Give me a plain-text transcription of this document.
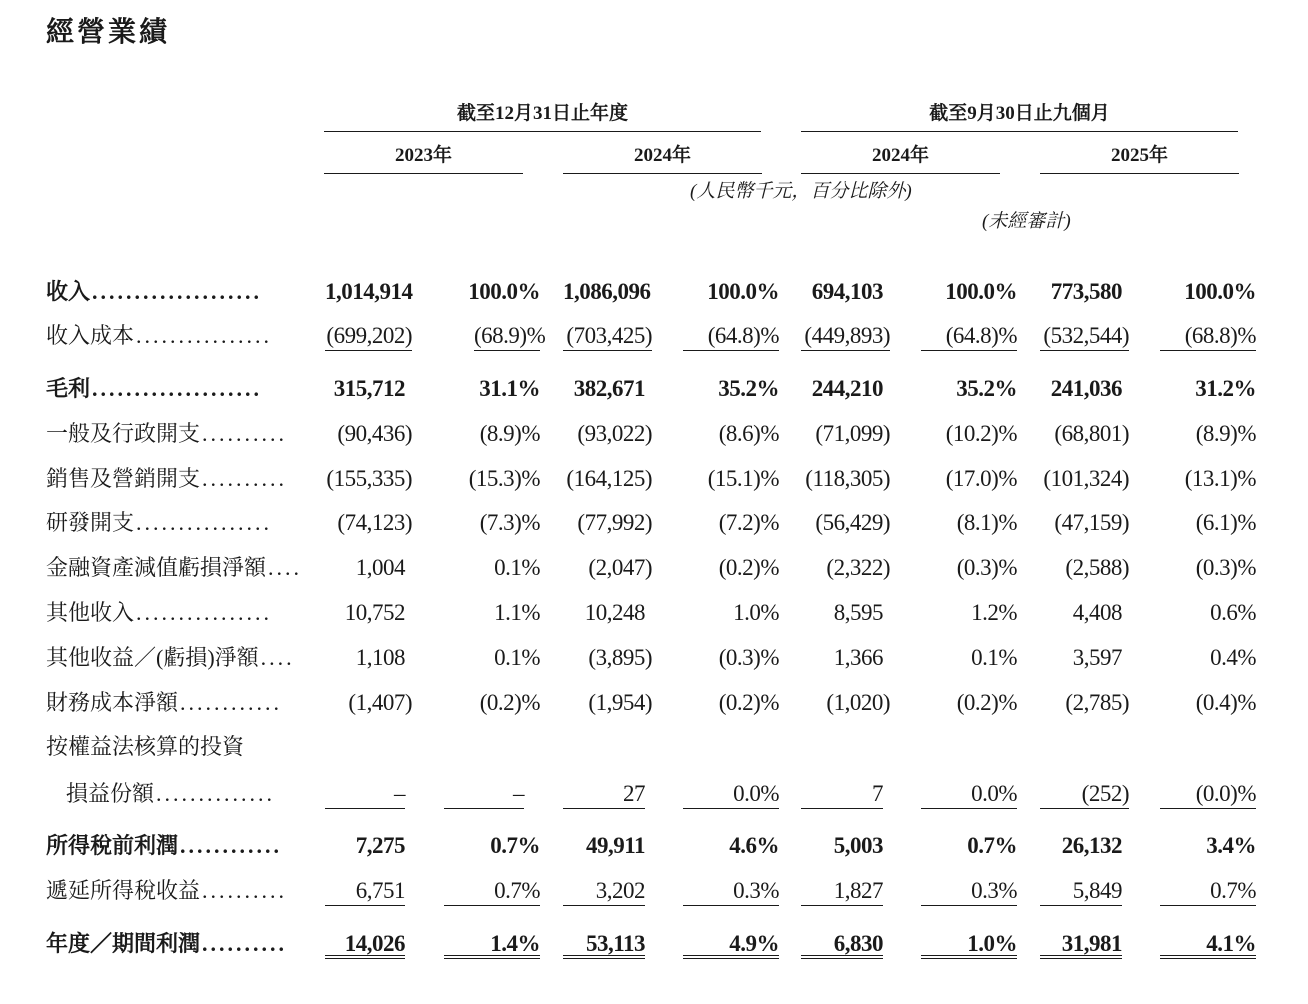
經營業績
截至12月31日止年度	截至9月30日止九個月
2023年	2024年	2024年	2025年
(人民幣千元，百分比除外)
(未經審計)
收入....................	1,014,914	100.0% 1,086,096	100.0%	694,103	100.0%	773,580	100.0%
收入成本................	(699,202)	(68.9)% (703,425)	(64.8)% (449,893)	(64.8)% (532,544)	(68.8)%
毛利....................	315,712	31.1%	382,671	35.2%	244,210	35.2%	241,036	31.2%
一般及行政開支..........	(90,436)	(8.9)%	(93,022)	(8.6)%	(71,099)	(10.2)%	(68,801)	(8.9)%
銷售及營銷開支.......... (155,335)	(15.3)% (164,125)	(15.1)% (118,305)	(17.0)% (101,324)	(13.1)%
研發開支................	(74,123)	(7.3)%	(77,992)	(7.2)%	(56,429)	(8.1)%	(47,159)	(6.1)%
金融資產減值虧損淨額....	1,004	0.1%	(2,047)	(0.2)%	(2,322)	(0.3)%	(2,588)	(0.3)%
其他收入................	10,752	1.1%	10,248	1.0%	8,595	1.2%	4,408	0.6%
其他收益／(虧損)淨額....	1,108	0.1%	(3,895)	(0.3)%	1,366	0.1%	3,597	0.4%
財務成本淨額............	(1,407)	(0.2)%	(1,954)	(0.2)%	(1,020)	(0.2)%	(2,785)	(0.4)%
按權益法核算的投資
損益份額..............	–	–	27	0.0%	7	0.0%	(252)	(0.0)%
所得稅前利潤............	7,275	0.7%	49,911	4.6%	5,003	0.7%	26,132	3.4%
遞延所得稅收益..........	6,751	0.7%	3,202	0.3%	1,827	0.3%	5,849	0.7%
年度／期間利潤..........	14,026	1.4%	53,113	4.9%	6,830	1.0%	31,981	4.1%
